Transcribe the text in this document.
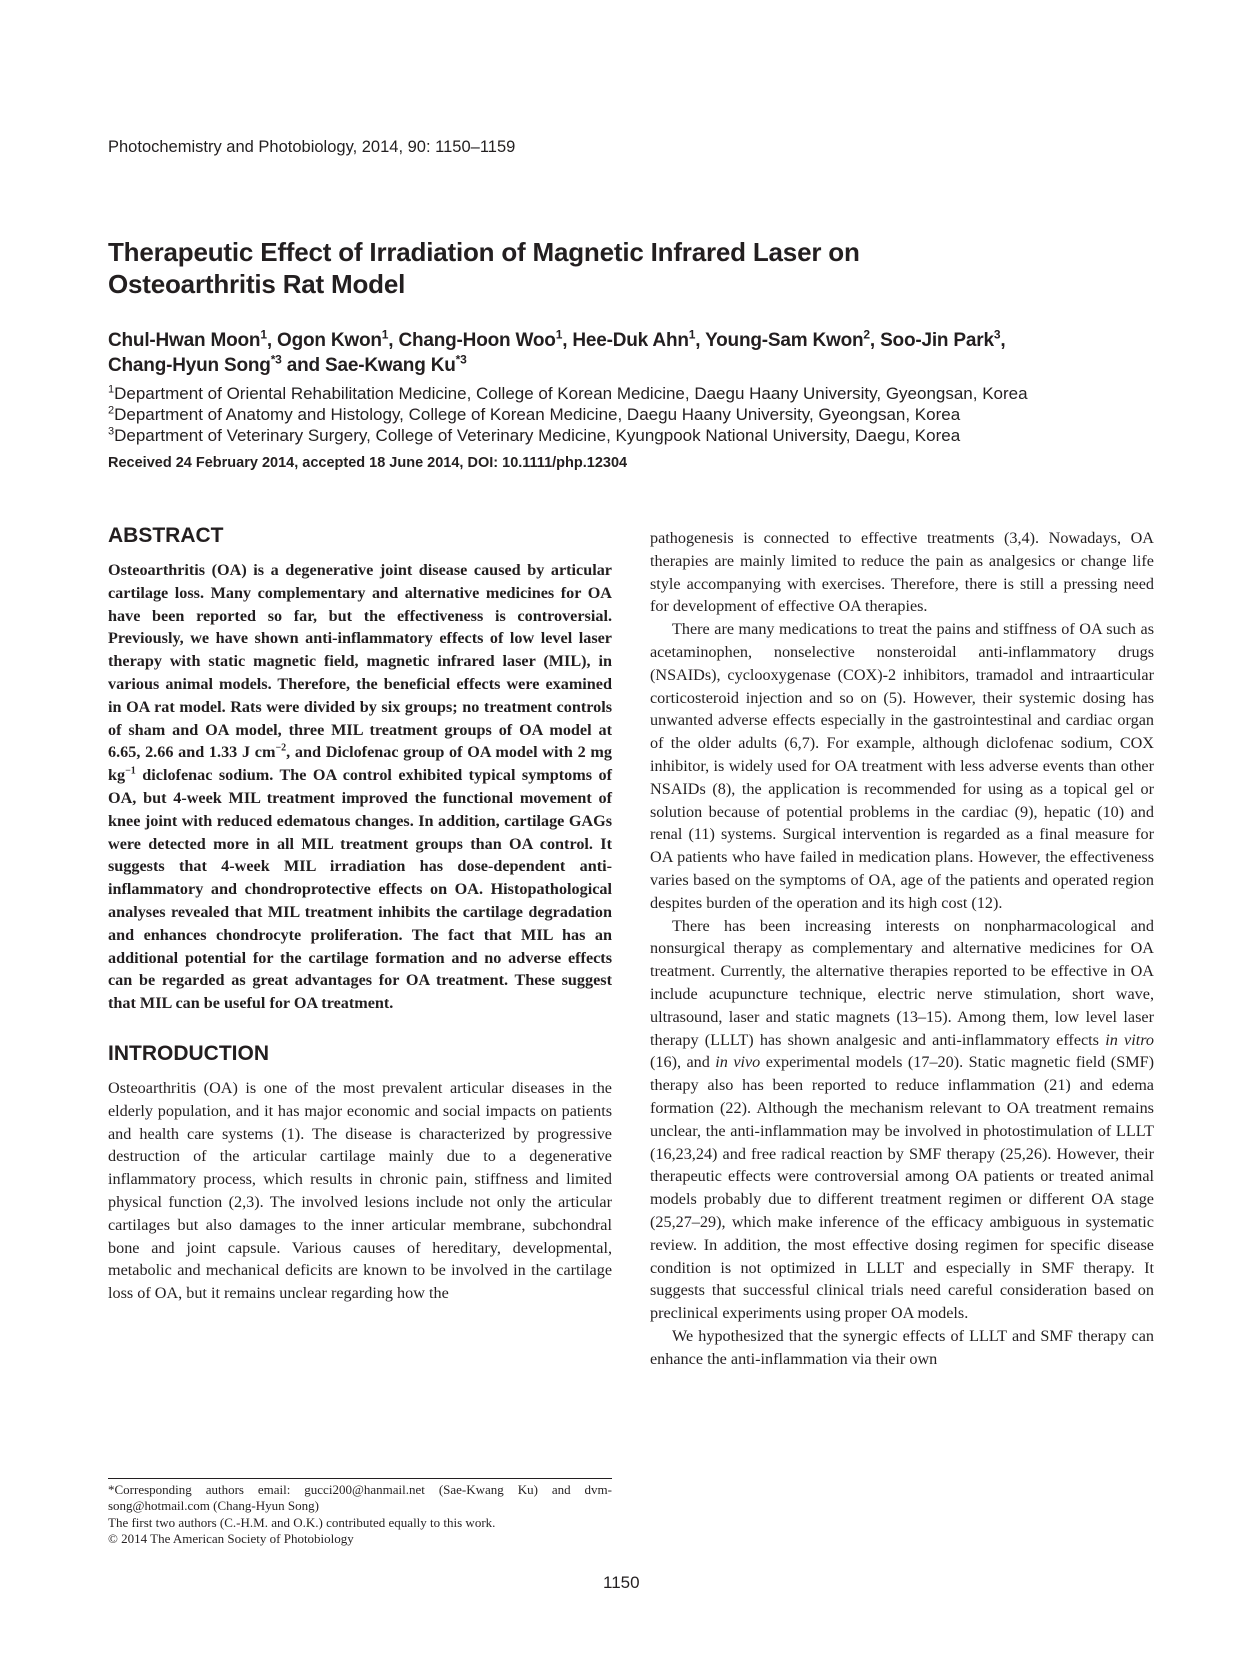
Photochemistry and Photobiology, 2014, 90: 1150–1159
Therapeutic Effect of Irradiation of Magnetic Infrared Laser on
Osteoarthritis Rat Model
Chul-Hwan Moon$^1$, Ogon Kwon$^1$, Chang-Hoon Woo$^1$, Hee-Duk Ahn$^1$, Young-Sam Kwon$^2$, Soo-Jin Park$^3$,
Chang-Hyun Song$^{*3}$ and Sae-Kwang Ku$^{*3}$
$^1$Department of Oriental Rehabilitation Medicine, College of Korean Medicine, Daegu Haany University, Gyeongsan, Korea
$^2$Department of Anatomy and Histology, College of Korean Medicine, Daegu Haany University, Gyeongsan, Korea
$^3$Department of Veterinary Surgery, College of Veterinary Medicine, Kyungpook National University, Daegu, Korea
Received 24 February 2014, accepted 18 June 2014, DOI: 10.1111/php.12304
ABSTRACT

Osteoarthritis (OA) is a degenerative joint disease caused by articular cartilage loss. Many complementary and alternative medicines for OA have been reported so far, but the effectiveness is controversial. Previously, we have shown anti-inflammatory effects of low level laser therapy with static magnetic field, magnetic infrared laser (MIL), in various animal models. Therefore, the beneficial effects were examined in OA rat model. Rats were divided by six groups; no treatment controls of sham and OA model, three MIL treatment groups of OA model at 6.65, 2.66 and 1.33 J $cm^{-2}$, and Diclofenac group of OA model with 2 mg $kg^{-1}$ diclofenac sodium. The OA control exhibited typical symptoms of OA, but 4-week MIL treatment improved the functional movement of knee joint with reduced edematous changes. In addition, cartilage GAGs were detected more in all MIL treatment groups than OA control. It suggests that 4-week MIL irradiation has dose-dependent anti-inflammatory and chondroprotective effects on OA. Histopathological analyses revealed that MIL treatment inhibits the cartilage degradation and enhances chondrocyte proliferation. The fact that MIL has an additional potential for the cartilage formation and no adverse effects can be regarded as great advantages for OA treatment. These suggest that MIL can be useful for OA treatment.

INTRODUCTION

Osteoarthritis (OA) is one of the most prevalent articular diseases in the elderly population, and it has major economic and social impacts on patients and health care systems (1). The disease is characterized by progressive destruction of the articular cartilage mainly due to a degenerative inflammatory process, which results in chronic pain, stiffness and limited physical function (2,3). The involved lesions include not only the articular cartilages but also damages to the inner articular membrane, subchondral bone and joint capsule. Various causes of hereditary, developmental, metabolic and mechanical deficits are known to be involved in the cartilage loss of OA, but it remains unclear regarding how the

pathogenesis is connected to effective treatments (3,4). Nowadays, OA therapies are mainly limited to reduce the pain as analgesics or change life style accompanying with exercises. Therefore, there is still a pressing need for development of effective OA therapies.

There are many medications to treat the pains and stiffness of OA such as acetaminophen, nonselective nonsteroidal anti-inflammatory drugs (NSAIDs), cyclooxygenase (COX)-2 inhibitors, tramadol and intraarticular corticosteroid injection and so on (5). However, their systemic dosing has unwanted adverse effects especially in the gastrointestinal and cardiac organ of the older adults (6,7). For example, although diclofenac sodium, COX inhibitor, is widely used for OA treatment with less adverse events than other NSAIDs (8), the application is recommended for using as a topical gel or solution because of potential problems in the cardiac (9), hepatic (10) and renal (11) systems. Surgical intervention is regarded as a final measure for OA patients who have failed in medication plans. However, the effectiveness varies based on the symptoms of OA, age of the patients and operated region despites burden of the operation and its high cost (12).

There has been increasing interests on nonpharmacological and nonsurgical therapy as complementary and alternative medicines for OA treatment. Currently, the alternative therapies reported to be effective in OA include acupuncture technique, electric nerve stimulation, short wave, ultrasound, laser and static magnets (13–15). Among them, low level laser therapy (LLLT) has shown analgesic and anti-inflammatory effects in vitro (16), and in vivo experimental models (17–20). Static magnetic field (SMF) therapy also has been reported to reduce inflammation (21) and edema formation (22). Although the mechanism relevant to OA treatment remains unclear, the anti-inflammation may be involved in photostimulation of LLLT (16,23,24) and free radical reaction by SMF therapy (25,26). However, their therapeutic effects were controversial among OA patients or treated animal models probably due to different treatment regimen or different OA stage (25,27–29), which make inference of the efficacy ambiguous in systematic review. In addition, the most effective dosing regimen for specific disease condition is not optimized in LLLT and especially in SMF therapy. It suggests that successful clinical trials need careful consideration based on preclinical experiments using proper OA models.

We hypothesized that the synergic effects of LLLT and SMF therapy can enhance the anti-inflammation via their own

*Corresponding authors email: gucci200@hanmail.net (Sae-Kwang Ku) and dvm-song@hotmail.com (Chang-Hyun Song)
The first two authors (C.-H.M. and O.K.) contributed equally to this work.
© 2014 The American Society of Photobiology
1150
